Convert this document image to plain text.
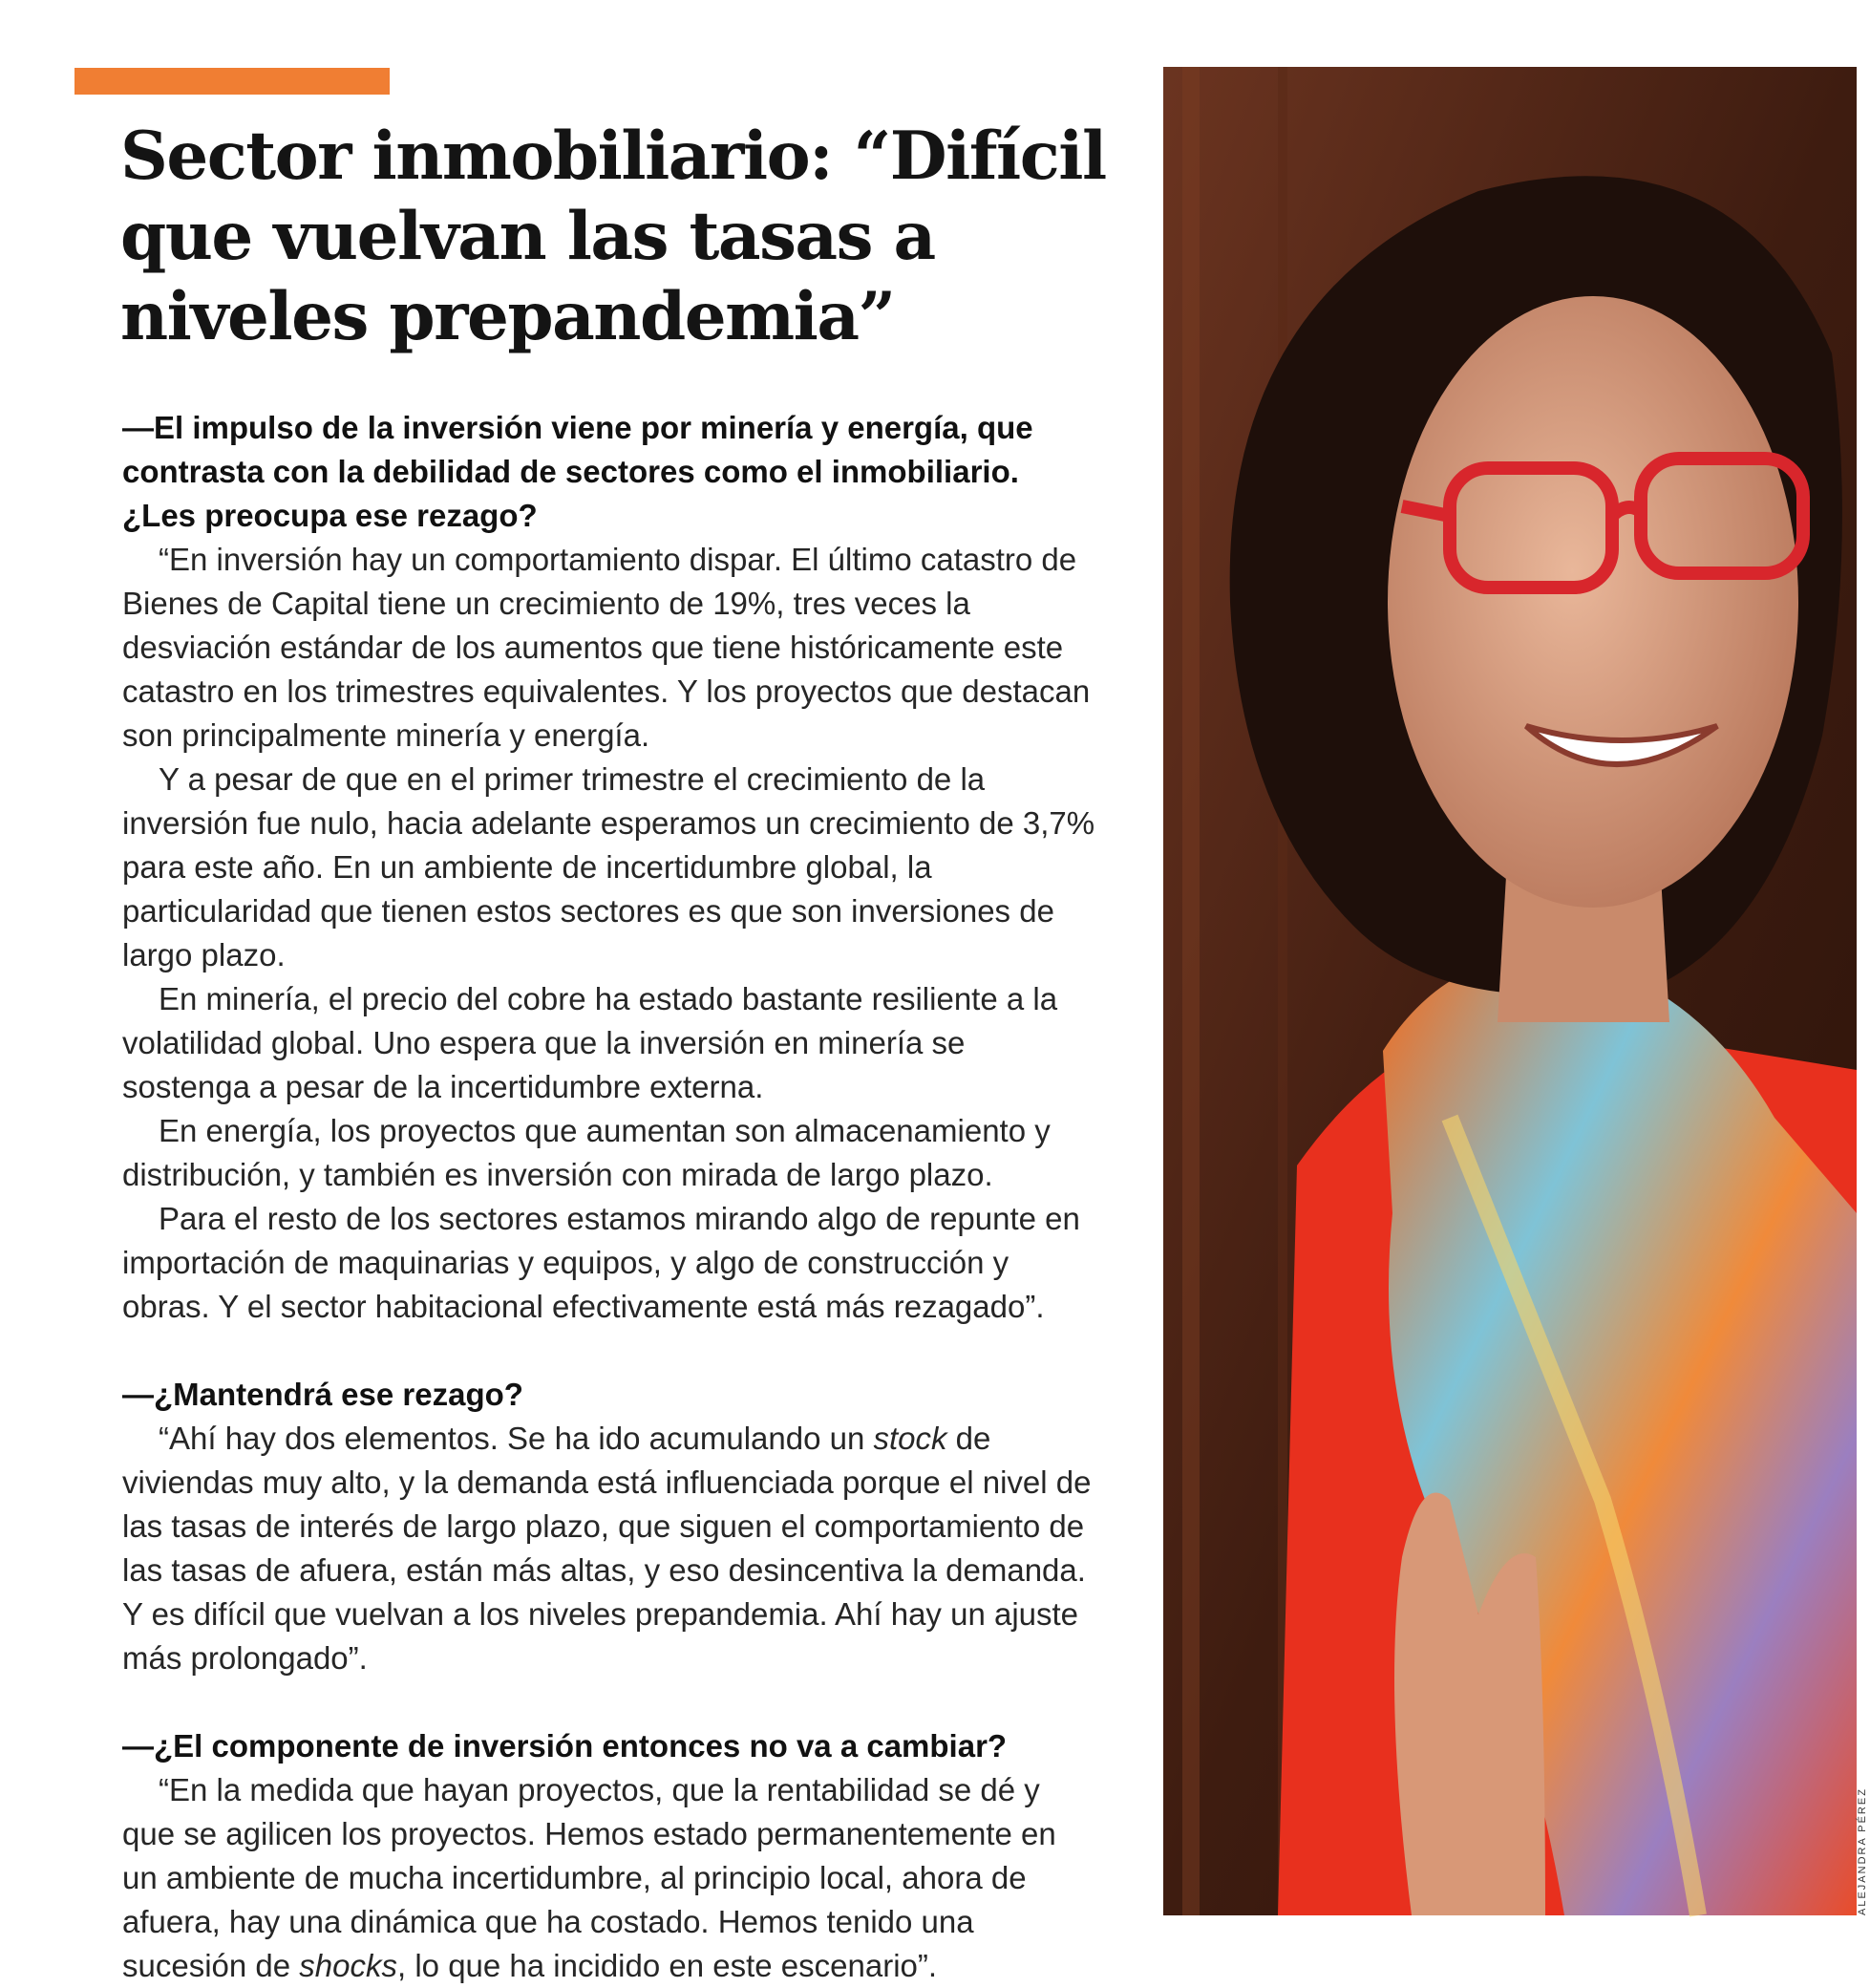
Sector inmobiliario: “Difícil que vuelvan las tasas a niveles prepandemia”

—El impulso de la inversión viene por minería y energía, que contrasta con la debilidad de sectores como el inmobiliario. ¿Les preocupa ese rezago?

“En inversión hay un comportamiento dispar. El último catastro de Bienes de Capital tiene un crecimiento de 19%, tres veces la desviación estándar de los aumentos que tiene históricamente este catastro en los trimestres equivalentes. Y los proyectos que destacan son principalmente minería y energía.

Y a pesar de que en el primer trimestre el crecimiento de la inversión fue nulo, hacia adelante esperamos un crecimiento de 3,7% para este año. En un ambiente de incertidumbre global, la particularidad que tienen estos sectores es que son inversiones de largo plazo.

En minería, el precio del cobre ha estado bastante resiliente a la volatilidad global. Uno espera que la inversión en minería se sostenga a pesar de la incertidumbre externa.

En energía, los proyectos que aumentan son almacenamiento y distribución, y también es inversión con mirada de largo plazo.

Para el resto de los sectores estamos mirando algo de repunte en importación de maquinarias y equipos, y algo de construcción y obras. Y el sector habitacional efectivamente está más rezagado”.

—¿Mantendrá ese rezago?

“Ahí hay dos elementos. Se ha ido acumulando un stock de viviendas muy alto, y la demanda está influenciada porque el nivel de las tasas de interés de largo plazo, que siguen el comportamiento de las tasas de afuera, están más altas, y eso desincentiva la demanda. Y es difícil que vuelvan a los niveles prepandemia. Ahí hay un ajuste más prolongado”.

—¿El componente de inversión entonces no va a cambiar?

“En la medida que hayan proyectos, que la rentabilidad se dé y que se agilicen los proyectos. Hemos estado permanentemente en un ambiente de mucha incertidumbre, al principio local, ahora de afuera, hay una dinámica que ha costado. Hemos tenido una sucesión de shocks, lo que ha incidido en este escenario”.

ALEJANDRA PÉREZ
